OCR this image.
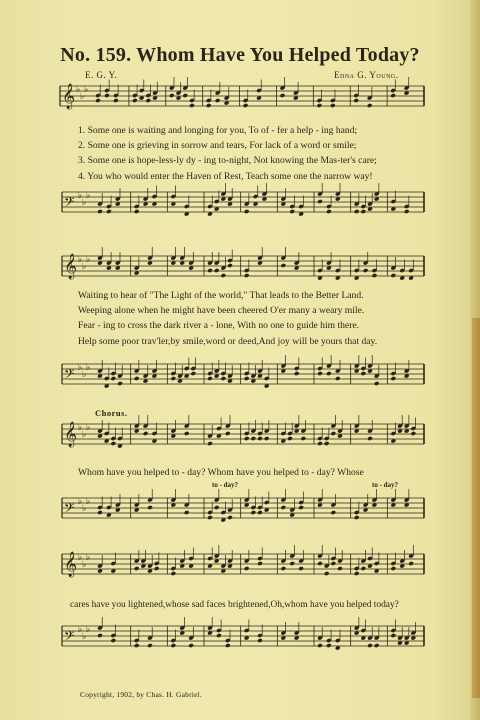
No. 159. Whom Have You Helped Today?
E. G. Y.	Edna G. Young.
𝄞 ♭
♭
♭
𝄢 ♭
♭
♭
𝄞 ♭
♭
♭
𝄢 ♭
♭
♭
𝄞 ♭
♭
♭
𝄢 ♭
♭
♭
𝄞 ♭
♭
♭
𝄢 ♭
♭
♭
1. Some one is waiting and longing for you, To of - fer a help - ing hand;
2. Some one is grieving in sorrow and tears, For lack of a word or smile;
3. Some one is hope-less-ly dy - ing to-night, Not knowing the Mas-ter's care;
4. You who would enter the Haven of Rest, Teach some one the narrow way!
Waiting to hear of "The Light of the world," That leads to the Better Land.
Weeping alone when he might have been cheered O'er many a weary mile.
Fear - ing to cross the dark river a - lone, With no one to guide him there.
Help some poor trav'ler,by smile,word or deed,And joy will be yours that day.
Chorus.
Whom have you helped to - day? Whom have you helped to - day? Whose
to - day?	to - day?
cares have you lightened,whose sad faces brightened,Oh,whom have you helped today?
Copyright, 1902, by Chas. H. Gabriel.
